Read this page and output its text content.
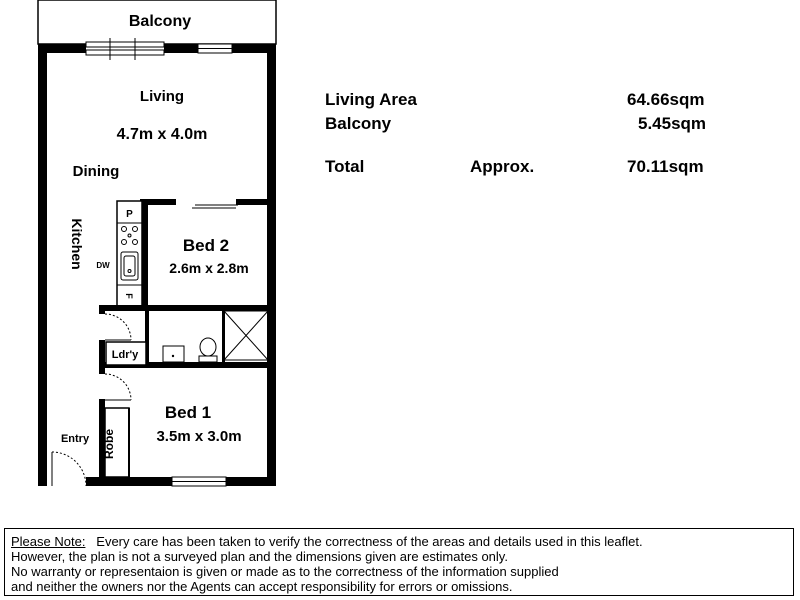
Balcony
Living
4.7m x 4.0m
Dining
Kitchen
P
DW
F
Bed 2
2.6m x 2.8m
Ldr'y
Bed 1
3.5m x 3.0m
Robe
Entry
Living Area	64.66sqm
Balcony	5.45sqm
Total	Approx.	70.11sqm
Please Note: Every care has been taken to verify the correctness of the areas and details used in this leaflet.
However, the plan is not a surveyed plan and the dimensions given are estimates only.
No warranty or representaion is given or made as to the correctness of the information supplied
and neither the owners nor the Agents can accept responsibility for errors or omissions.
